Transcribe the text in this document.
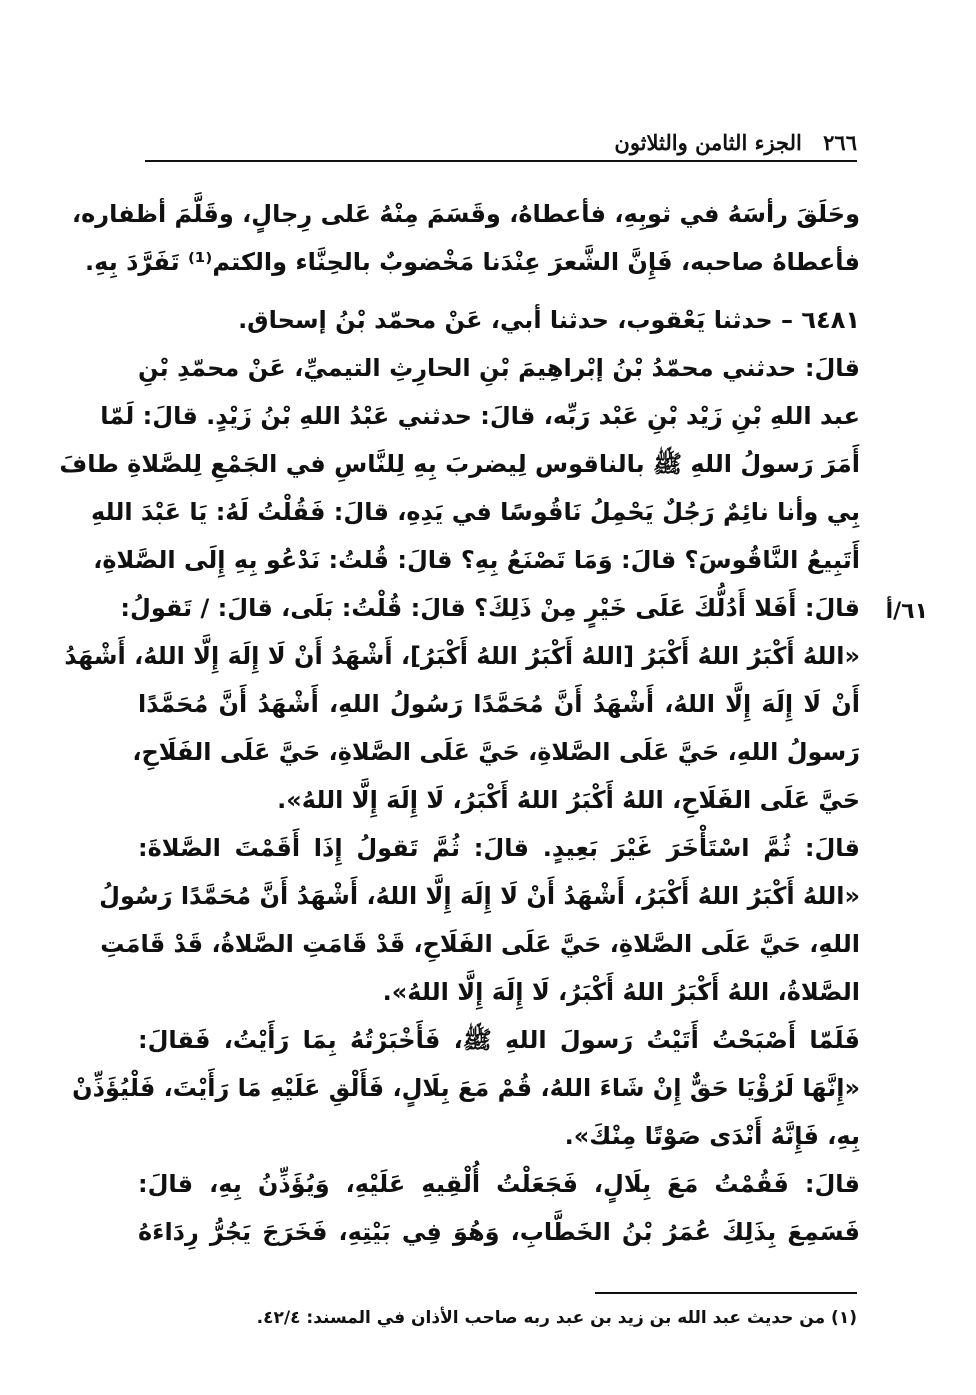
٢٦٦ الجزء الثامن والثلاثون
٦١/أ
وحَلَقَ رأسَهُ في ثوبِهِ، فأعطاهُ، وقَسَمَ مِنْهُ عَلى رِجالٍ، وقَلَّمَ أظفاره،
فأعطاهُ صاحبه، فَإِنَّ الشَّعرَ عِنْدَنا مَخْضوبٌ بالحِنَّاء والكتم⁽¹⁾ تَفَرَّدَ بِهِ.
٦٤٨١ – حدثنا يَعْقوب، حدثنا أبي، عَنْ محمّد بْنُ إسحاق.
قالَ: حدثني محمّدُ بْنُ إبْراهِيمَ بْنِ الحارِثِ التيميِّ، عَنْ محمّدِ بْنِ
عبد اللهِ بْنِ زَيْد بْنِ عَبْد رَبِّه، قالَ: حدثني عَبْدُ اللهِ بْنُ زَيْدٍ. قالَ: لَمّا
أَمَرَ رَسولُ اللهِ ﷺ بالناقوس لِيضربَ بِهِ لِلنَّاسِ في الجَمْعِ لِلصَّلاةِ طافَ
بِي وأنا نائِمٌ رَجُلٌ يَحْمِلُ نَاقُوسًا في يَدِهِ، قالَ: فَقُلْتُ لَهُ: يَا عَبْدَ اللهِ
أَتَبِيعُ النَّاقُوسَ؟ قالَ: وَمَا تَصْنَعُ بِهِ؟ قالَ: قُلتُ: نَدْعُو بِهِ إِلَى الصَّلاةِ،
قالَ: أَفَلا أَدُلُّكَ عَلَى خَيْرٍ مِنْ ذَلِكَ؟ قالَ: قُلْتُ: بَلَى، قالَ: / تَقولُ:
«اللهُ أَكْبَرُ اللهُ أَكْبَرُ [اللهُ أَكْبَرُ اللهُ أَكْبَرُ]، أَشْهَدُ أَنْ لَا إِلَهَ إِلَّا اللهُ، أَشْهَدُ
أَنْ لَا إِلَهَ إِلَّا اللهُ، أَشْهَدُ أَنَّ مُحَمَّدًا رَسُولُ اللهِ، أَشْهَدُ أَنَّ مُحَمَّدًا
رَسولُ اللهِ، حَيَّ عَلَى الصَّلاةِ، حَيَّ عَلَى الصَّلاةِ، حَيَّ عَلَى الفَلَاحِ،
حَيَّ عَلَى الفَلَاحِ، اللهُ أَكْبَرُ اللهُ أَكْبَرُ، لَا إِلَهَ إِلَّا اللهُ».
قالَ: ثُمَّ اسْتَأْخَرَ غَيْرَ بَعِيدٍ. قالَ: ثُمَّ تَقولُ إِذَا أَقَمْتَ الصَّلاةَ:
«اللهُ أَكْبَرُ اللهُ أَكْبَرُ، أَشْهَدُ أَنْ لَا إِلَهَ إِلَّا اللهُ، أَشْهَدُ أَنَّ مُحَمَّدًا رَسُولُ
اللهِ، حَيَّ عَلَى الصَّلاةِ، حَيَّ عَلَى الفَلَاحِ، قَدْ قَامَتِ الصَّلاةُ، قَدْ قَامَتِ
الصَّلاةُ، اللهُ أَكْبَرُ اللهُ أَكْبَرُ، لَا إِلَهَ إِلَّا اللهُ».
فَلَمّا أَصْبَحْتُ أَتَيْتُ رَسولَ اللهِ ﷺ، فَأَخْبَرْتُهُ بِمَا رَأَيْتُ، فَقالَ:
«إِنَّهَا لَرُؤْيَا حَقٌّ إِنْ شَاءَ اللهُ، قُمْ مَعَ بِلَالٍ، فَأَلْقِ عَلَيْهِ مَا رَأَيْتَ، فَلْيُؤَذِّنْ
بِهِ، فَإِنَّهُ أَنْدَى صَوْتًا مِنْكَ».
قالَ: فَقُمْتُ مَعَ بِلَالٍ، فَجَعَلْتُ أُلْقِيهِ عَلَيْهِ، وَيُؤَذِّنُ بِهِ، قالَ:
فَسَمِعَ بِذَلِكَ عُمَرُ بْنُ الخَطَّابِ، وَهُوَ فِي بَيْتِهِ، فَخَرَجَ يَجُرُّ رِدَاءَهُ
(١) من حديث عبد الله بن زيد بن عبد ربه صاحب الأذان في المسند: ٤٢/٤.
